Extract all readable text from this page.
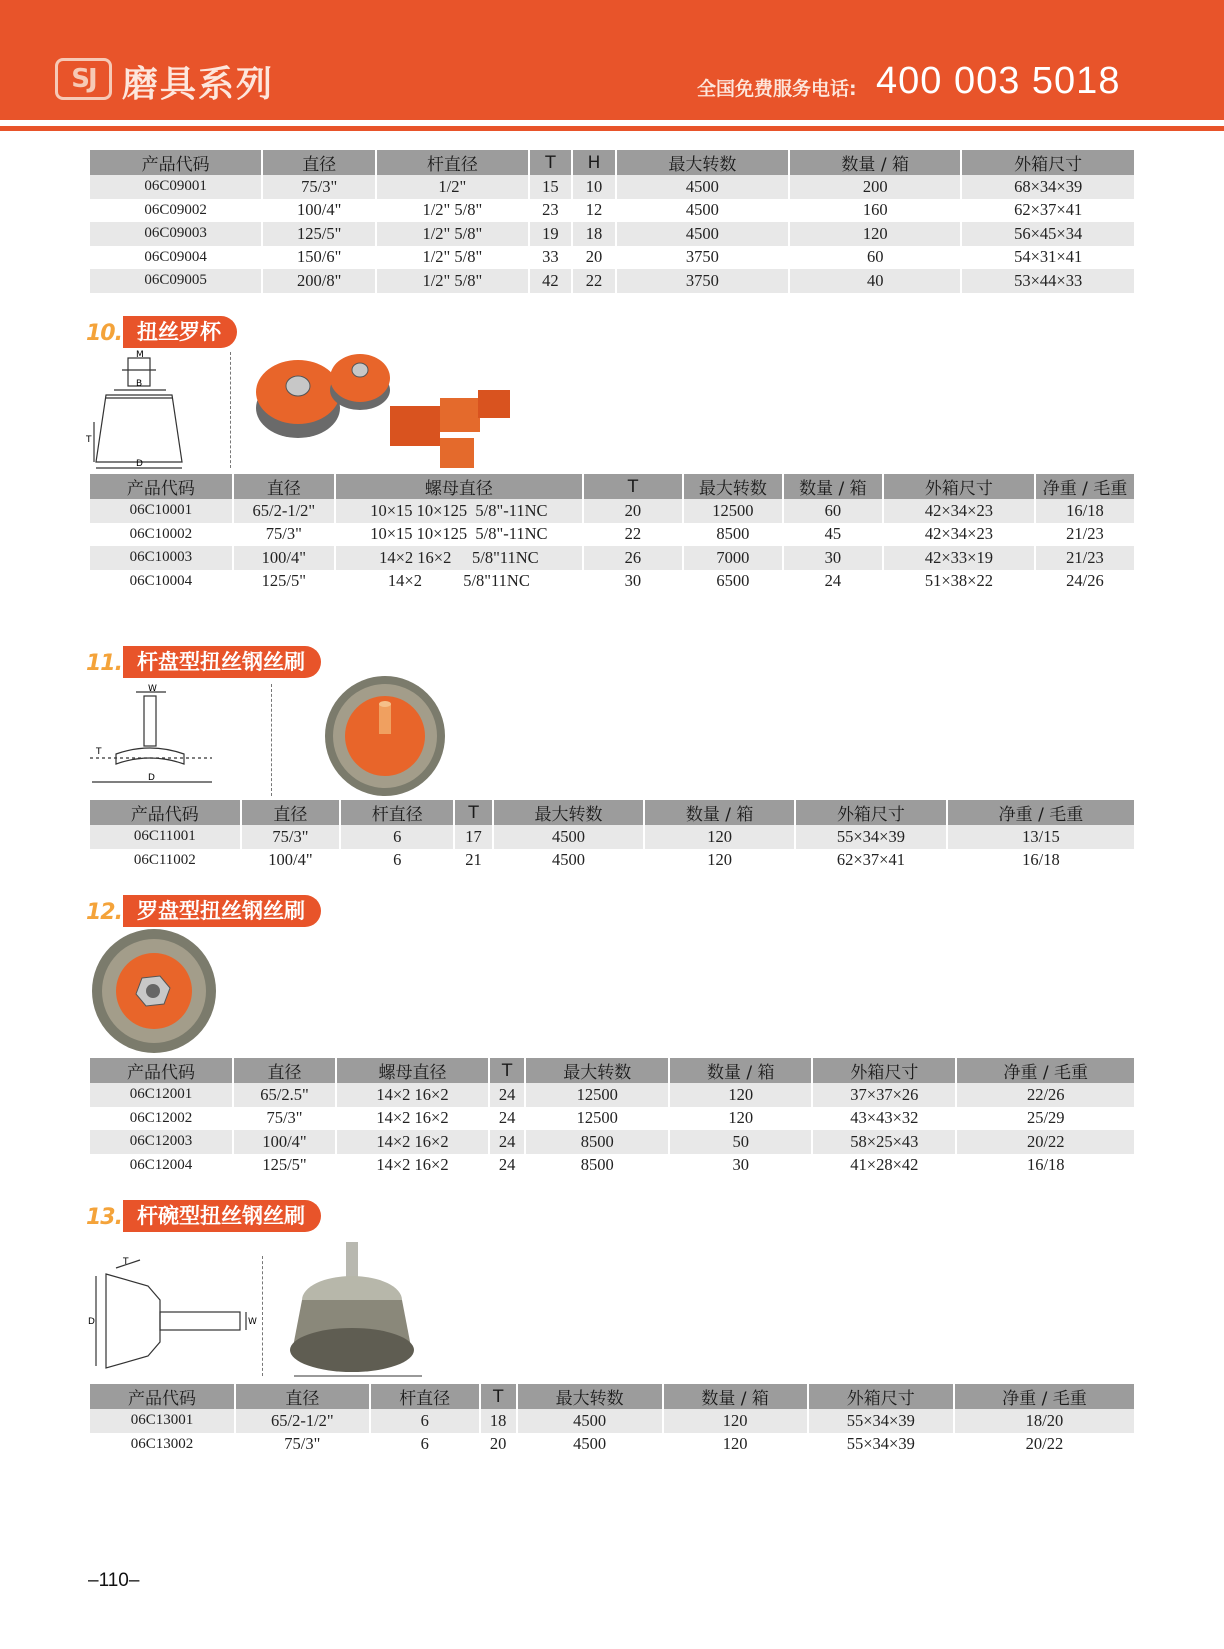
SJ 磨具系列	全国免费服务电话: 400 003 5018
产品代码	直径	杆直径	T	H	最大转数	数量 / 箱	外箱尺寸
06C09001	75/3"	1/2"	15	10	4500	200	68×34×39
06C09002	100/4"	1/2" 5/8"	23	12	4500	160	62×37×41
06C09003	125/5"	1/2" 5/8"	19	18	4500	120	56×45×34
06C09004	150/6"	1/2" 5/8"	33	20	3750	60	54×31×41
06C09005	200/8"	1/2" 5/8"	42	22	3750	40	53×44×33
10. 扭丝罗杯
M
B
T
D
产品代码	直径	螺母直径	T	最大转数	数量 / 箱	外箱尺寸	净重 / 毛重
06C10001	65/2-1/2"	10×15 10×125  5/8"-11NC	20	12500	60	42×34×23	16/18
06C10002	75/3"	10×15 10×125  5/8"-11NC	22	8500	45	42×34×23	21/23
06C10003	100/4"	14×2 16×2     5/8"11NC	26	7000	30	42×33×19	21/23
06C10004	125/5"	14×2          5/8"11NC	30	6500	24	51×38×22	24/26
11. 杆盘型扭丝钢丝刷
W
T
D
产品代码	直径	杆直径	T	最大转数	数量 / 箱	外箱尺寸	净重 / 毛重
06C11001	75/3"	6	17	4500	120	55×34×39	13/15
06C11002	100/4"	6	21	4500	120	62×37×41	16/18
12. 罗盘型扭丝钢丝刷
产品代码	直径	螺母直径	T	最大转数	数量 / 箱	外箱尺寸	净重 / 毛重
06C12001	65/2.5"	14×2 16×2	24	12500	120	37×37×26	22/26
06C12002	75/3"	14×2 16×2	24	12500	120	43×43×32	25/29
06C12003	100/4"	14×2 16×2	24	8500	50	58×25×43	20/22
06C12004	125/5"	14×2 16×2	24	8500	30	41×28×42	16/18
13. 杆碗型扭丝钢丝刷
T
D	W
产品代码	直径	杆直径	T	最大转数	数量 / 箱	外箱尺寸	净重 / 毛重
06C13001	65/2-1/2"	6	18	4500	120	55×34×39	18/20
06C13002	75/3"	6	20	4500	120	55×34×39	20/22
–110–
